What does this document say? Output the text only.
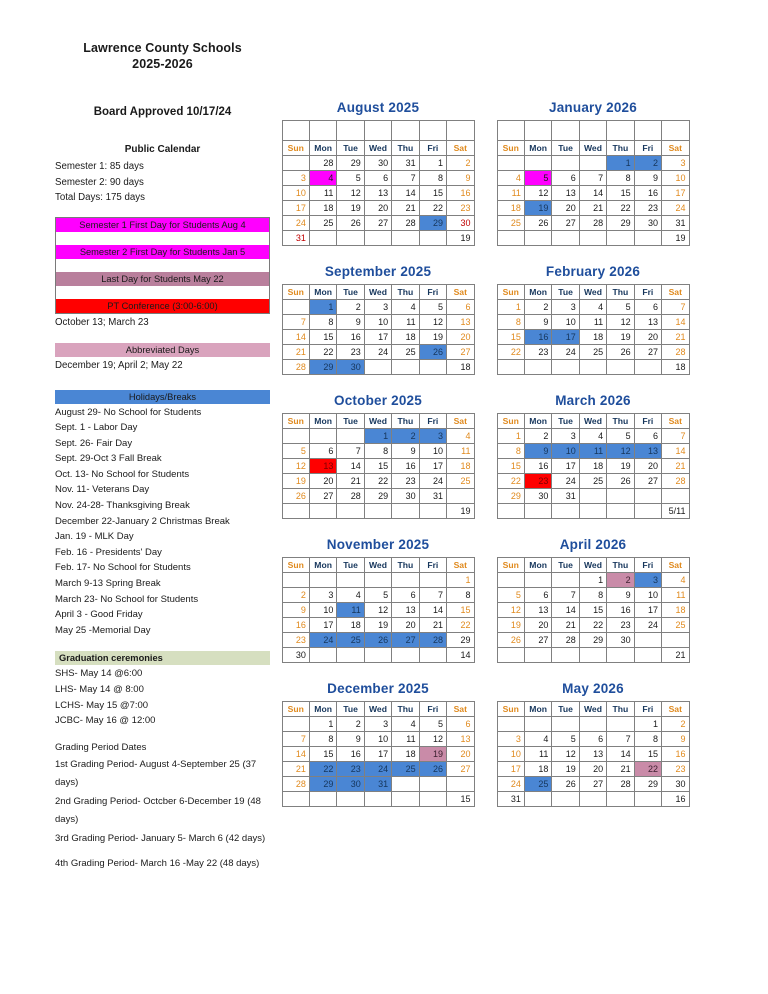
Lawrence County Schools
2025-2026
Board Approved 10/17/24
Public Calendar
Semester 1: 85 days
Semester 2: 90 days
Total Days: 175 days
Semester 1 First Day for Students Aug 4
Semester 2 First Day for Students Jan 5
Last Day for Students May 22
PT Conference (3:00-6:00)
October 13; March 23
Abbreviated Days
December 19; April 2; May 22
Holidays/Breaks
August 29- No School for Students
Sept. 1 - Labor Day
Sept. 26- Fair Day
Sept. 29-Oct 3 Fall Break
Oct. 13- No School for Students
Nov. 11- Veterans Day
Nov. 24-28- Thanksgiving Break
December 22-January 2 Christmas Break
Jan. 19 - MLK Day
Feb. 16 - Presidents' Day
Feb. 17- No School for Students
March 9-13 Spring Break
March 23- No School for Students
April 3 - Good Friday
May 25 -Memorial Day
Graduation ceremonies
SHS- May 14 @6:00
LHS- May 14 @ 8:00
LCHS- May 15 @7:00
JCBC- May 16 @ 12:00
Grading Period Dates
1st Grading Period- August 4-September 25 (37 days)
2nd Grading Period- Octcber 6-December 19 (48 days)
3rd Grading Period- January 5- March 6 (42 days)
4th Grading Period- March 16 -May 22 (48 days)
August 2025

Sun	Mon	Tue	Wed	Thu	Fri	Sat
	28	29	30	31	1	2
3	4	5	6	7	8	9
10	11	12	13	14	15	16
17	18	19	20	21	22	23
24	25	26	27	28	29	30
31						19
September 2025
Sun	Mon	Tue	Wed	Thu	Fri	Sat
	1	2	3	4	5	6
7	8	9	10	11	12	13
14	15	16	17	18	19	20
21	22	23	24	25	26	27
28	29	30				18
October 2025
Sun	Mon	Tue	Wed	Thu	Fri	Sat
			1	2	3	4
5	6	7	8	9	10	11
12	13	14	15	16	17	18
19	20	21	22	23	24	25
26	27	28	29	30	31	
						19
November 2025
Sun	Mon	Tue	Wed	Thu	Fri	Sat
						1
2	3	4	5	6	7	8
9	10	11	12	13	14	15
16	17	18	19	20	21	22
23	24	25	26	27	28	29
30						14
December 2025
Sun	Mon	Tue	Wed	Thu	Fri	Sat
	1	2	3	4	5	6
7	8	9	10	11	12	13
14	15	16	17	18	19	20
21	22	23	24	25	26	27
28	29	30	31			
						15
January 2026

Sun	Mon	Tue	Wed	Thu	Fri	Sat
				1	2	3
4	5	6	7	8	9	10
11	12	13	14	15	16	17
18	19	20	21	22	23	24
25	26	27	28	29	30	31
						19
February 2026
Sun	Mon	Tue	Wed	Thu	Fri	Sat
1	2	3	4	5	6	7
8	9	10	11	12	13	14
15	16	17	18	19	20	21
22	23	24	25	26	27	28
						18
March 2026
Sun	Mon	Tue	Wed	Thu	Fri	Sat
1	2	3	4	5	6	7
8	9	10	11	12	13	14
15	16	17	18	19	20	21
22	23	24	25	26	27	28
29	30	31				
						5/11
April 2026
Sun	Mon	Tue	Wed	Thu	Fri	Sat
			1	2	3	4
5	6	7	8	9	10	11
12	13	14	15	16	17	18
19	20	21	22	23	24	25
26	27	28	29	30		
						21
May 2026
Sun	Mon	Tue	Wed	Thu	Fri	Sat
					1	2
3	4	5	6	7	8	9
10	11	12	13	14	15	16
17	18	19	20	21	22	23
24	25	26	27	28	29	30
31						16
